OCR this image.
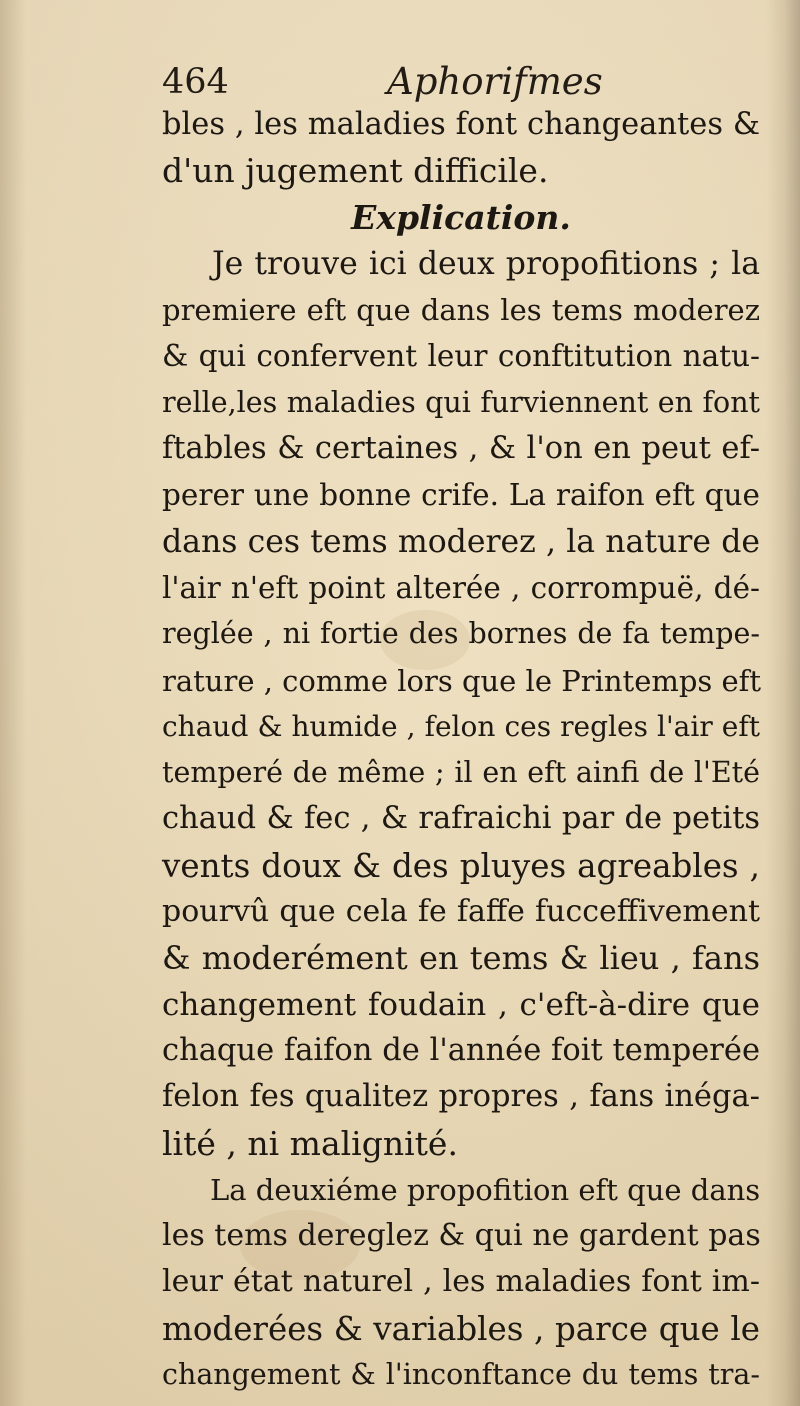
464	Aphorifmes
bles , les maladies font changeantes &
d'un jugement difficile.
Explication.
Je trouve ici deux propofitions ; la
premiere eft que dans les tems moderez
& qui confervent leur conftitution natu-
relle,les maladies qui furviennent en font
ftables & certaines , & l'on en peut ef-
perer une bonne crife. La raifon eft que
dans ces tems moderez , la nature de
l'air n'eft point alterée , corrompuë, dé-
reglée , ni fortie des bornes de fa tempe-
rature , comme lors que le Printemps eft
chaud & humide , felon ces regles l'air eft
temperé de même ; il en eft ainfi de l'Eté
chaud & fec , & rafraichi par de petits
vents doux & des pluyes agreables ,
pourvû que cela fe faffe fucceffivement
& moderément en tems & lieu , fans
changement foudain , c'eft-à-dire que
chaque faifon de l'année foit temperée
felon fes qualitez propres , fans inéga-
lité , ni malignité.
La deuxiéme propofition eft que dans
les tems dereglez & qui ne gardent pas
leur état naturel , les maladies font im-
moderées & variables , parce que le
changement & l'inconftance du tems tra-
